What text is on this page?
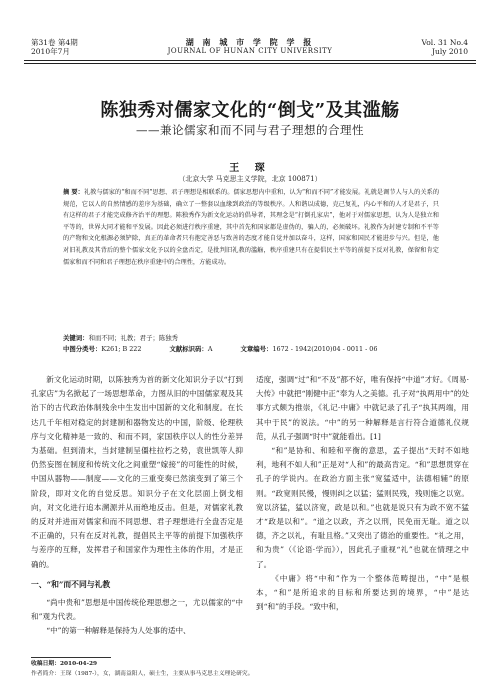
第31卷 第4期
2010年7月
湖 南 城 市 学 院 学 报
JOURNAL OF HUNAN CITY UNIVERSITY
Vol. 31 No.4
July 2010
陈独秀对儒家文化的“倒戈”及其滥觞
——兼论儒家和而不同与君子理想的合理性
王 琛
（北京大学 马克思主义学院，北京 100871）
摘 要：礼教与儒家的“和而不同”思想、君子理想是相联系的。儒家思想内中重和，认为“和而不同”才能发展。礼就是调节人与人的关系的规范，它以人的自然情感的差序为基础，确立了一整套以血缘到政治的等级秩序。人和谐以成德，克己复礼，内心平和的人才是君子，只有这样的君子才能完成修齐治平的理想。陈独秀作为新文化运动的倡导者，其理念是“打倒孔家店”，他对于对儒家思想，认为人是独立和平等的，世界大同才能和平发展。因此必须进行秩序重建，其中首先和国家都是虚伪的，骗人的，必须破坏。礼教作为封建专制和不平等的产物和文化根源必须铲除，真正的革命者只有抱定善恶与致善的态度才能自觉并加以奋斗，这样，国家和国民才能进步与兴。但是，他对旧礼教及其背后的整个儒家文化予以的全盘否定，是批判旧礼教的滥觞，秩序重建只有在提倡民主平等的前提下反对礼教，保留和肯定儒家和而不同和君子理想在秩序重建中的合理性，方能成功。
关键词：和而不同；礼教；君子；陈独秀
中图分类号：K261; B 222	文献标识码：A	文章编号：1672 - 1942(2010)04 - 0011 - 06

新文化运动时期，以陈独秀为首的新文化知识分子以“打到孔家店”为名掀起了一场思想革命，力图从旧的中国儒家观及其治下的古代政治体制残余中生发出中国新的文化和制度。在长达几千年相对稳定的封建制和器物发达的中国，阶级、伦理秩序与文化精神是一致的、和而不同，家国秩序以人的性分差异为基础。但到清末，当封建制呈僵柱拉朽之势，袁世凯等人抑仍然妄图在制度和传统文化之间重塑“嫁接”的可能性的时候，中国从器物——制度——文化的三重变奏已然演变到了第三个阶段，即对文化的自觉反思。知识分子在文化层面上倒戈相向，对文化进行追本溯源并从而绝地反击。但是，对儒家礼教的反对并进而对儒家和而不同思想、君子理想进行全盘否定是不正确的，只有在反对礼教，提倡民主平等的前提下加强秩序与差序的互释，发挥君子和国家作为理性主体的作用，才是正确的。

一、“和”而不同与礼教

“尚中贵和”思想是中国传统伦理思想之一，尤以儒家的“中和”观为代表。

“中”的第一种解释是保持为人处事的适中、

适度，强调“过”和“不及”都不好，唯有保持“中道”才好。《周易·大传》中就把“刚健中正”奉为人之美德。孔子对“执两用中”的处事方式颇为推崇，《礼记·中庸》中就记录了孔子“执其两端，用其中于民”的说法。“中”的另一种解释是言行符合道德礼仪规范，从孔子强调“时中”就能看出。[1]

“和”是协和、和睦和平衡的意思，孟子提出“天时不如地利，地利不如人和”正是对“人和”的最高肯定。“和”思想贯穿在孔子的学说内。在政治方面主张“宽猛适中，法德相辅”的原则。“政宽则民慢，慢则纠之以猛；猛则民残，残则施之以宽。宽以济猛，猛以济宽，政是以和。”也就是说只有为政不宽不猛才“政是以和”。“道之以政，齐之以刑，民免而无耻。道之以德，齐之以礼，有耻且格。”又突出了德治的重要性。“礼之用，和为贵”（《论语·学而》），因此孔子重视“礼”也就在情理之中了。

《中庸》将“中和”作为一个整体范畴提出，“中”是根本，“和”是所追求的目标和所要达到的境界，“中”是达到“和”的手段。“致中和，

收稿日期：2010-04-29
作者简介：王琛（1987-），女，湖南益阳人，硕士生，主要从事马克思主义理论研究。
